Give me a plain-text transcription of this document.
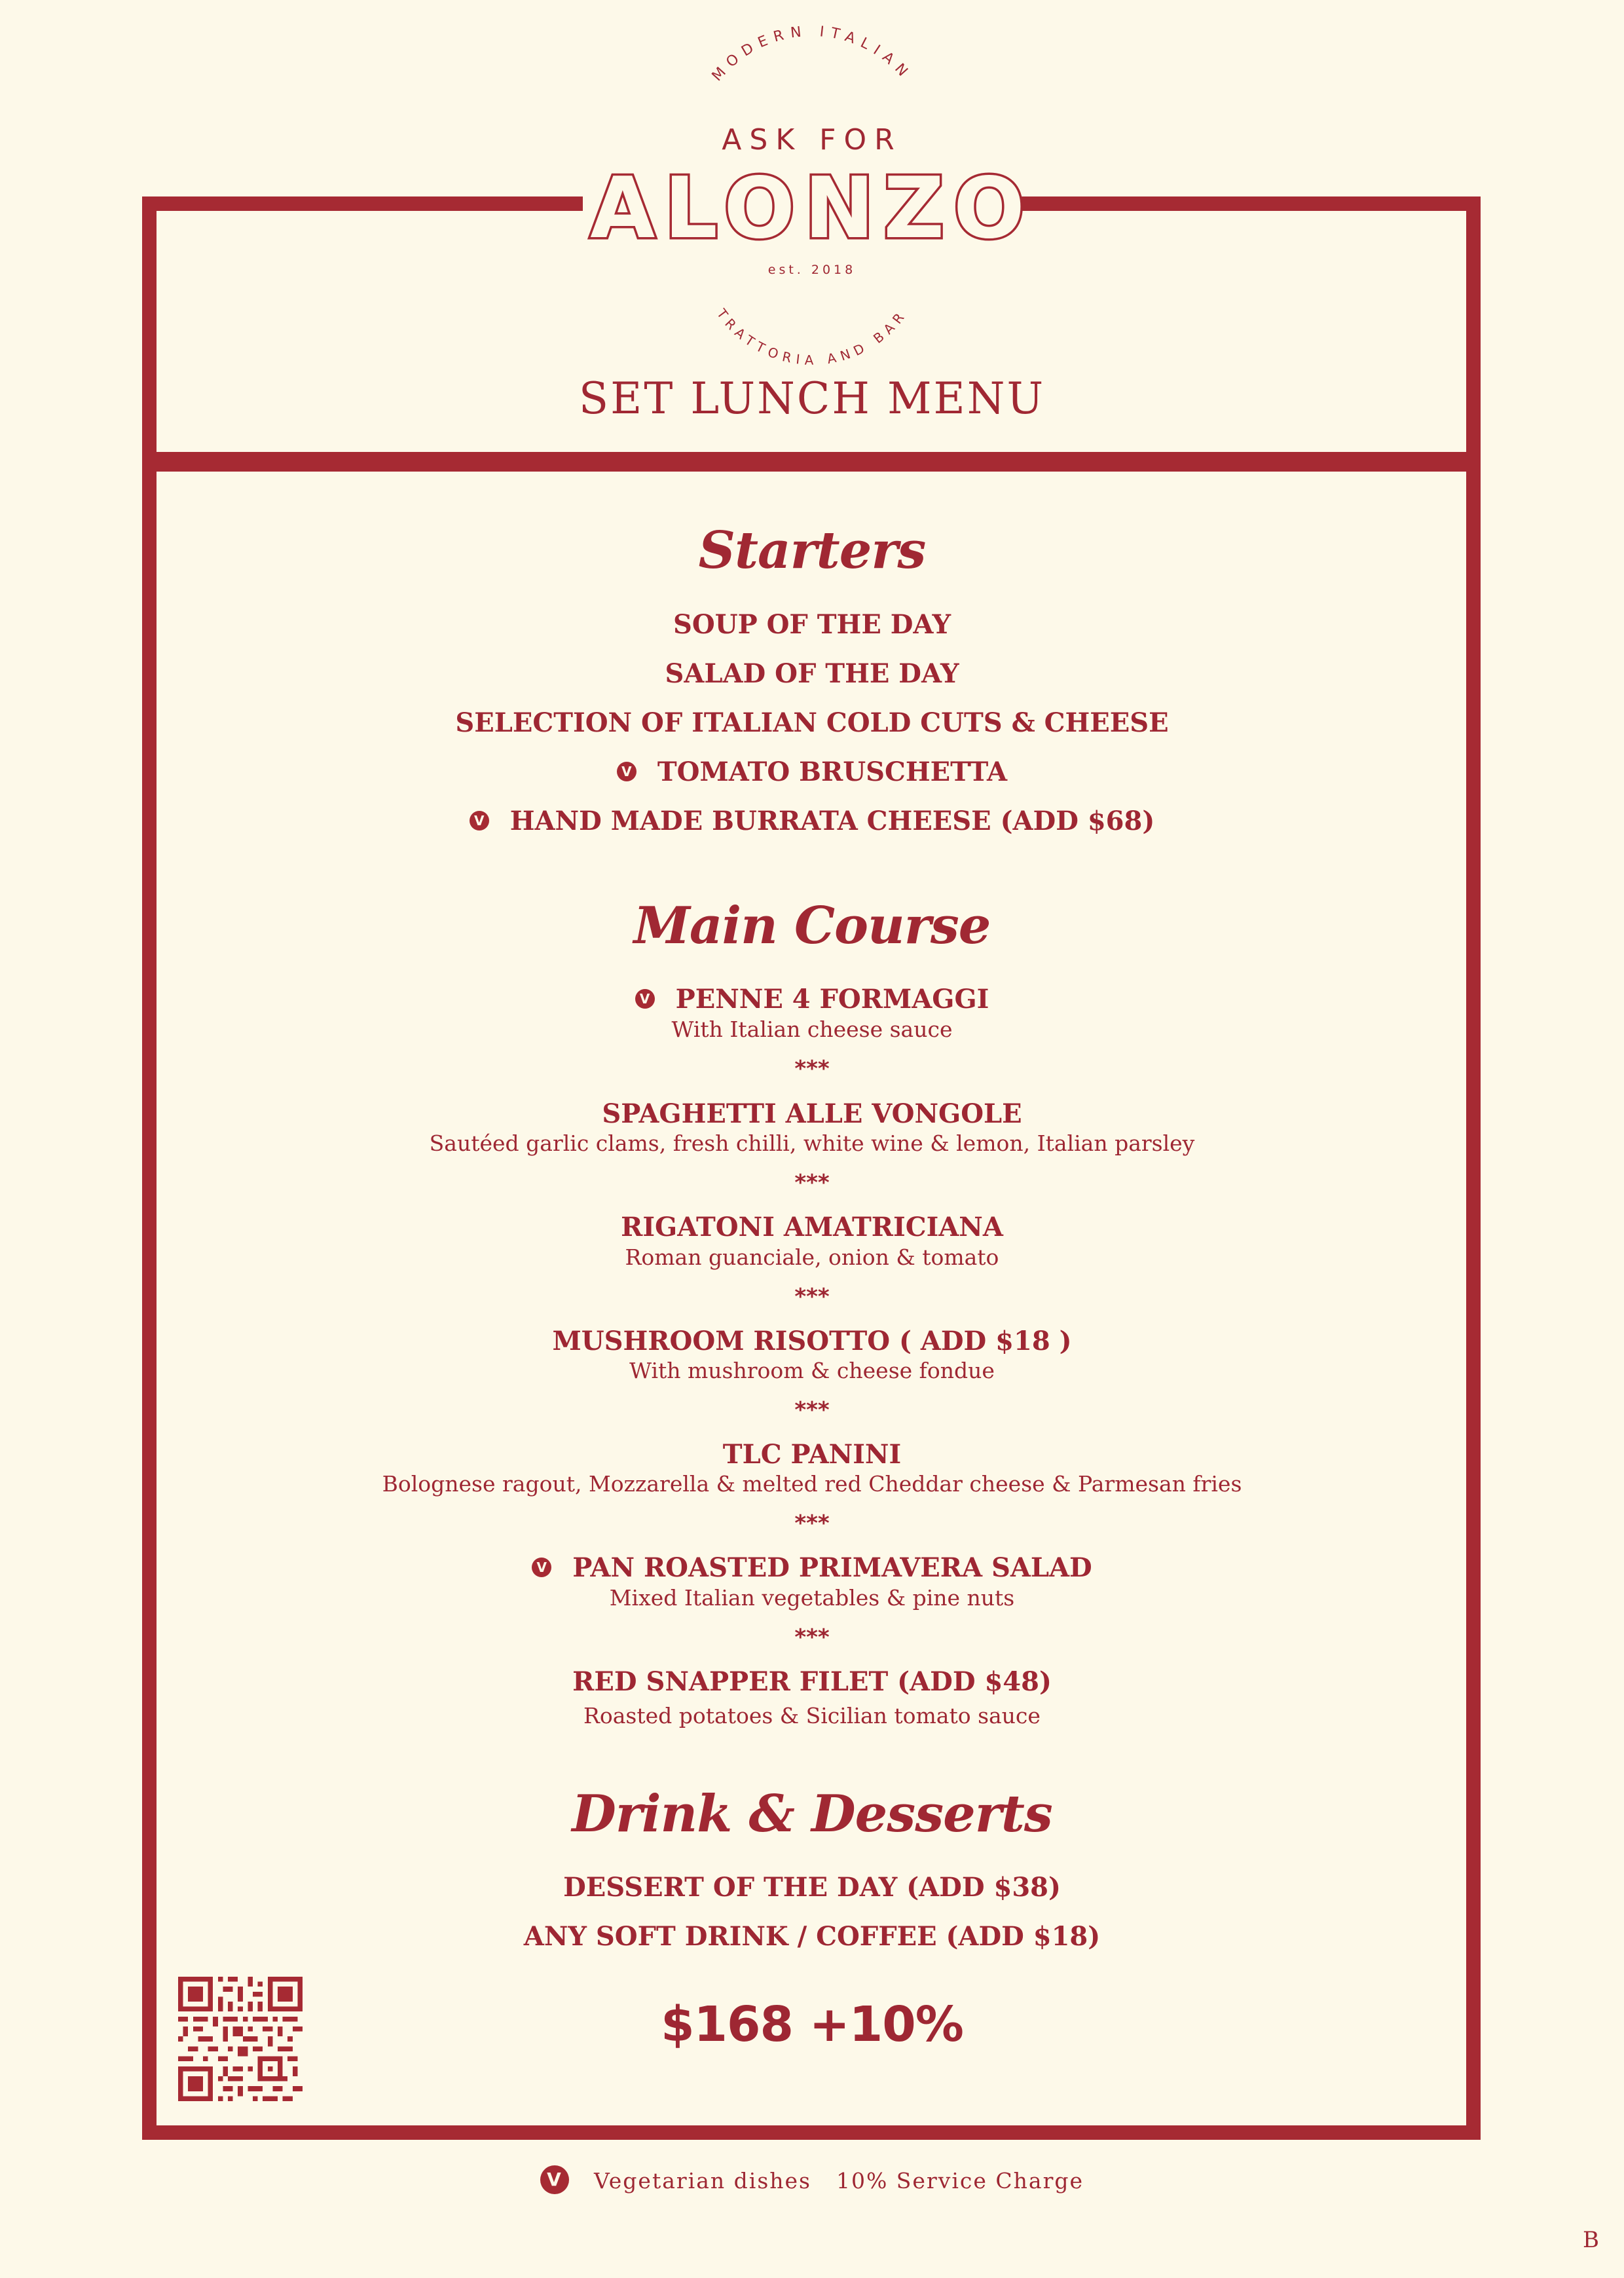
MODERN ITALIAN
ASK FOR
ALONZO
est. 2018
TRATTORIA AND BAR
SET LUNCH MENU
Starters
SOUP OF THE DAY
SALAD OF THE DAY
SELECTION OF ITALIAN COLD CUTS & CHEESE
V TOMATO BRUSCHETTA
V HAND MADE BURRATA CHEESE (ADD $68)
Main Course
V PENNE 4 FORMAGGI
With Italian cheese sauce
***
SPAGHETTI ALLE VONGOLE
Sautéed garlic clams, fresh chilli, white wine & lemon, Italian parsley
***
RIGATONI AMATRICIANA
Roman guanciale, onion & tomato
***
MUSHROOM RISOTTO ( ADD $18 )
With mushroom & cheese fondue
***
TLC PANINI
Bolognese ragout, Mozzarella & melted red Cheddar cheese & Parmesan fries
***
V PAN ROASTED PRIMAVERA SALAD
Mixed Italian vegetables & pine nuts
***
RED SNAPPER FILET (ADD $48)
Roasted potatoes & Sicilian tomato sauce
Drink & Desserts
DESSERT OF THE DAY (ADD $38)
ANY SOFT DRINK / COFFEE (ADD $18)
$168 +10%
V Vegetarian dishes 10% Service Charge
B
